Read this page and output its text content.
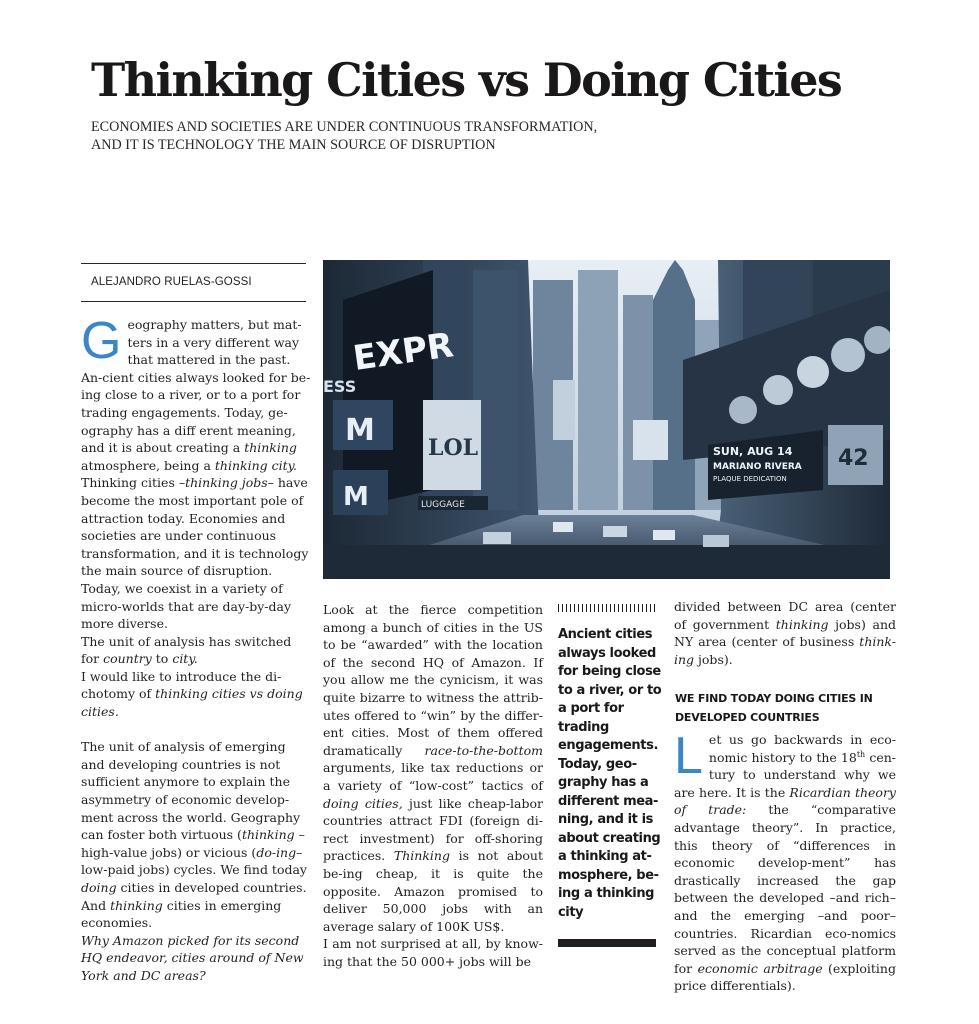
Thinking Cities vs Doing Cities

ECONOMIES AND SOCIETIES ARE UNDER CONTINUOUS TRANSFORMATION,
AND IT IS TECHNOLOGY THE MAIN SOURCE OF DISRUPTION

ALEJANDRO RUELAS-GOSSI

Geography matters, but mat-ters in a very different way that mattered in the past. An-cient cities always looked for be-ing close to a river, or to a port for trading engagements. Today, ge-ography has a diff erent meaning, and it is about creating a thinking atmosphere, being a thinking city. Thinking cities –thinking jobs– have become the most important pole of attraction today. Economies and societies are under continuous transformation, and it is technology the main source of disruption. Today, we coexist in a variety of micro-worlds that are day-by-day more diverse.

The unit of analysis has switched for country to city.

I would like to introduce the di-chotomy of thinking cities vs doing cities.

The unit of analysis of emerging and developing countries is not sufficient anymore to explain the asymmetry of economic develop-ment across the world. Geography can foster both virtuous (thinking –high-value jobs) or vicious (do-ing–low-paid jobs) cycles. We find today doing cities in developed countries. And thinking cities in emerging economies.

Why Amazon picked for its second HQ endeavor, cities around of New York and DC areas?

EXPR
M
M
ESS
LOL
LUGGAGE
SUN, AUG 14
MARIANO RIVERA
PLAQUE DEDICATION
42

Look at the fierce competition among a bunch of cities in the US to be “awarded” with the location of the second HQ of Amazon. If you allow me the cynicism, it was quite bizarre to witness the attrib-utes offered to “win” by the differ-ent cities. Most of them offered dramatically race-to-the-bottom arguments, like tax reductions or a variety of “low-cost” tactics of doing cities, just like cheap-labor countries attract FDI (foreign di-rect investment) for off-shoring practices. Thinking is not about be-ing cheap, it is quite the opposite. Amazon promised to deliver 50,000 jobs with an average salary of 100K US$.

I am not surprised at all, by know-ing that the 50 000+ jobs will be

Ancient cities always looked for being close to a river, or to a port for trading engagements. Today, geo-graphy has a different mea-ning, and it is about creating a thinking at-mosphere, be-ing a thinking city

divided between DC area (center of government thinking jobs) and NY area (center of business think-ing jobs).

WE FIND TODAY DOING CITIES IN DEVELOPED COUNTRIES

Let us go backwards in eco-nomic history to the 18th cen-tury to understand why we are here. It is the Ricardian theory of trade: the “comparative advantage theory”. In practice, this theory of “differences in economic develop-ment” has drastically increased the gap between the developed –and rich– and the emerging –and poor– countries. Ricardian eco-nomics served as the conceptual platform for economic arbitrage (exploiting price differentials).
